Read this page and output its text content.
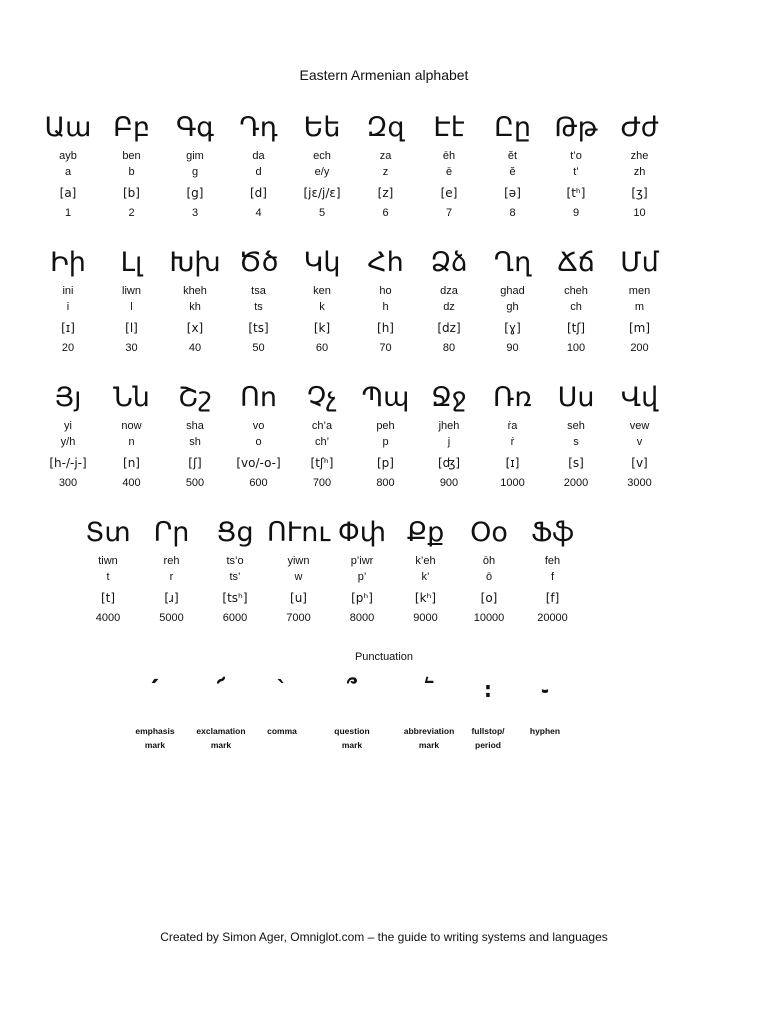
Eastern Armenian alphabet
Աա
ayb
a
[a]
1
Բբ
ben
b
[b]
2
Գգ
gim
g
[g]
3
Դդ
da
d
[d]
4
Եե
ech
e/y
[jɛ/j/ɛ]
5
Զզ
za
z
[z]
6
Էէ
ēh
ē
[e]
7
Ըը
ĕt
ĕ
[ə]
8
Թթ
t’o
t’
[tʰ]
9
Ժժ
zhe
zh
[ʒ]
10
Իի
ini
i
[ɪ]
20
Լլ
liwn
l
[l]
30
Խխ
kheh
kh
[x]
40
Ծծ
tsa
ts
[ts]
50
Կկ
ken
k
[k]
60
Հհ
ho
h
[h]
70
Ձձ
dza
dz
[dz]
80
Ղղ
ghad
gh
[ɣ]
90
Ճճ
cheh
ch
[tʃ]
100
Մմ
men
m
[m]
200
Յյ
yi
y/h
[h-/-j-]
300
Նն
now
n
[n]
400
Շշ
sha
sh
[ʃ]
500
Ոո
vo
o
[vo/-o-]
600
Չչ
ch’a
ch’
[tʃʰ]
700
Պպ
peh
p
[p]
800
Ջջ
jheh
j
[ʤ]
900
Ռռ
ṙa
ṙ
[ɪ]
1000
Սս
seh
s
[s]
2000
Վվ
vew
v
[v]
3000
Տտ
tiwn
t
[t]
4000
Րր
reh
r
[ɹ]
5000
Ցց
ts’o
ts’
[tsʰ]
6000
ՈՒու
yiwn
w
[u]
7000
Փփ
p’iwr
p’
[pʰ]
8000
Քք
k’eh
k’
[kʰ]
9000
Օօ
ōh
ō
[o]
10000
Ֆֆ
feh
f
[f]
20000
Punctuation
՛
emphasis
mark
՜
exclamation
mark
`
comma
՞
question
mark
՟
abbreviation
mark
։
fullstop/
period
֊
hyphen
Created by Simon Ager, Omniglot.com – the guide to writing systems and languages
